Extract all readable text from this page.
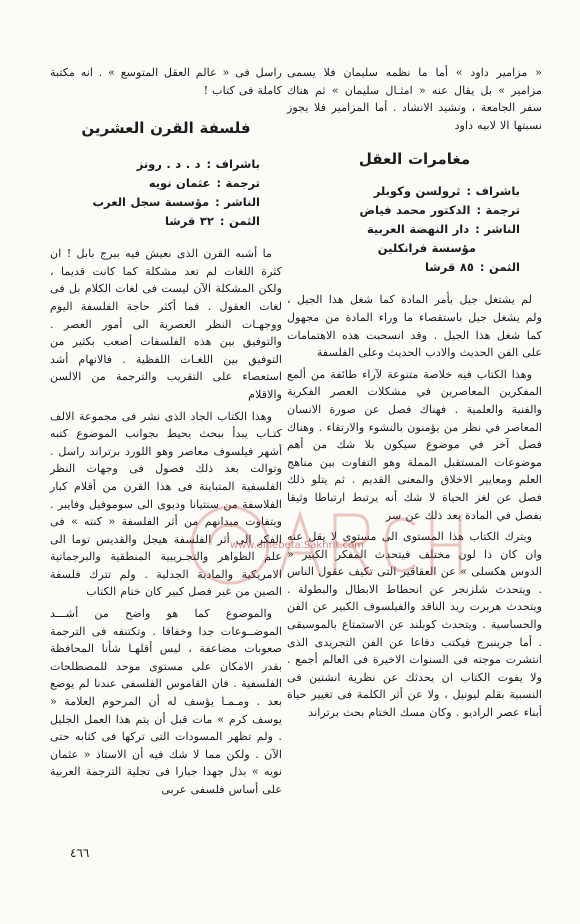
« مزامير داود » أما ما نظمه سليمان فلا يسمى مزامير » بل يقال عنه « امثـال سليمان » ثم هناك سفر الجامعة ، ونشيد الانشاد . أما المزامير فلا يجوز نسبتها الا لابيه داود

مغامرات العقل
باشراف :
ثرولسن وكوبلر
ترجمة :
الدكتور محمد فياض
الناشر :
دار النهضة العربية
مؤسسة فرانكلين
الثمن :
٨٥ قرشا

لم يشتغل جيل بأمر المادة كما شغل هذا الجيل ، ولم يشغل جيل باستقصاء ما وراء المادة من مجهول كما شغل هذا الجيل . وقد انسحبت هذه الاهتمامات على الفن الحديث والادب الحديث وعلى الفلسفة

وهذا الكتاب فيه خلاصة متنوعة لآراء طائفة من ألمع المفكرين المعاصرين في مشكلات العصر الفكرية والفنية والعلمية . فهناك فصل عن صورة الانسان المعاصر في نظر من يؤمنون بالنشوء والارتقاء . وهناك فصل آخر في موضوع سيكون بلا شك من أهم موضوعات المستقبل المملة وهو التفاوت بين مناهج العلم ومعايير الاخلاق والمعنى القديم . ثم يتلو ذلك فصل عن لغز الحياة لا شك أنه يرتبط ارتباطا وثيقا بفصل في المادة بعد ذلك عن سر

ويترك الكتاب هذا المستوى الى مستوى لا يقل عنه وان كان ذا لون مختلف فيتحدث المفكر الكبير « الدوس هكسلى » عن العقاقير التى تكيف عقول الناس . ويتحدث شلزنجر عن انحطاط الابطال والبطولة . ويتحدث هربرت ريد الناقد والفيلسوف الكبير عن الفن والحساسية . ويتحدث كوبلند عن الاستمتاع بالموسيقى . أما جرينبرج فيكتب دفاعا عن الفن التجريدى الذى انتشرت موجته فى السنوات الاخيرة فى العالم أجمع . ولا يفوت الكتاب ان يحدثك عن نظرية انشتين فى النسبية بقلم ليونيل ، ولا عن أثر الكلمة فى تغيير حياة أبناء عصر الراديو . وكان مسك الختام بحث برتراند

راسل فى « عالم العقل المتوسع » . انه مكتبة كاملة فى كتاب !

فلسفة القرن العشرين
باشراف :
د . د . رونز
ترجمة :
عثمان نويه
الناشر :
مؤسسة سجل العرب
الثمن :
٣٢ قرشا

ما أشبه القرن الذى نعيش فيه ببرج بابل ! ان كثرة اللغات لم تعد مشكلة كما كانت قديما ، ولكن المشكلة الآن ليست فى لغات الكلام بل فى لغات العقول . فما أكثر حاجة الفلسفة اليوم ووجهـات النظر العصرية الى أمور العصر . والتوفيق بين هذه الفلسفات أصعب بكثير من التوفيق بين اللغـات اللفظية . فالانهام أشد استعصاء على التقريب والترجمة من الالسن والاقلام

وهذا الكتاب الجاد الذى نشر فى مجموعة الالف كتـاب يبدأ ببحث يحيط بجوانب الموضوع كتبه أشهر فيلسوف معاصر وهو اللورد برتراند راسل . وتوالت بعد ذلك فصول فى وجهات النظر الفلسفية المتباينة فى هذا القرن من أقلام كبار الفلاسفة من سنتيانا وديوى الى سوموفيل وفايبر . ويتفاوت ميدانهم من أثر الفلسفة « كنته » فى الفكر الى أثر الفلسفة هيجل والقديس توما الى علم الظواهر والتجـريبية المنطقية والبرجماتية الامريكية والمادية الجدلية . ولم تترك فلسفة الصين من غير فصل كبير كان ختام الكتاب

والموضوع كما هو واضح من أشـــد الموضــوعات جدا وخفافا . وتكتنفه فى الترجمة صعوبات مضاعفة ، ليس أقلهـا شأنا المحافظة بقدر الامكان على مستوى موحد للمصطلحات الفلسفية . فان القاموس الفلسفى عندنا لم يوضع بعد . ومـمـا يؤسف له أن المرحوم العلامة « يوسف كرم » مات قبل أن يتم هذا العمل الجليل . ولم تظهر المسودات التى تركها فى كتابه حتى الآن . ولكن مما لا شك فيه أن الاستاذ « عثمان نويه » بذل جهدا جبارا فى تجلية الترجمة العربية على أساس فلسفى عربى

www.alnebeta.Sakhrit.com
٤٦٦
